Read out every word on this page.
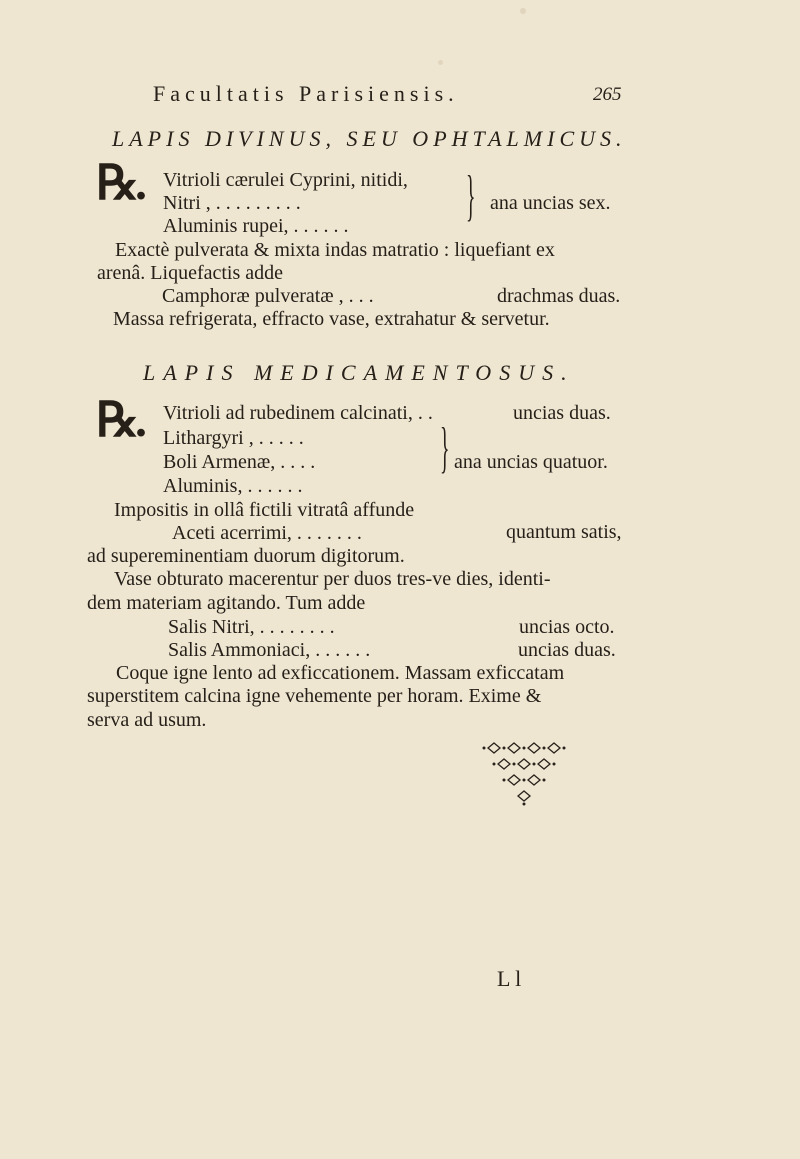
Facultatis Parisiensis.	265
LAPIS DIVINUS, SEU OPHTALMICUS.
℞. Vitrioli cærulei Cyprini, nitidi,
Nitri , . . . . . . . . .
Aluminis rupei, . . . . . . } ana uncias sex.
Exactè pulverata & mixta indas matratio : liquefiant ex
arenâ. Liquefactis adde
Camphoræ pulveratæ , . . .	drachmas duas.
Massa refrigerata, effracto vase, extrahatur & servetur.
LAPIS MEDICAMENTOSUS.
℞. Vitrioli ad rubedinem calcinati, . .	uncias duas.
Lithargyri , . . . . .
Boli Armenæ, . . . .
Aluminis, . . . . . .
} ana uncias quatuor.
Impositis in ollâ fictili vitratâ affunde
Aceti acerrimi, . . . . . . .	quantum satis,
ad supereminentiam duorum digitorum.
Vase obturato macerentur per duos tres-ve dies, identi-
dem materiam agitando. Tum adde
Salis Nitri, . . . . . . . .	uncias octo.
Salis Ammoniaci, . . . . . .	uncias duas.
Coque igne lento ad exficcationem. Massam exficcatam
superstitem calcina igne vehemente per horam. Exime &
serva ad usum.
L l
